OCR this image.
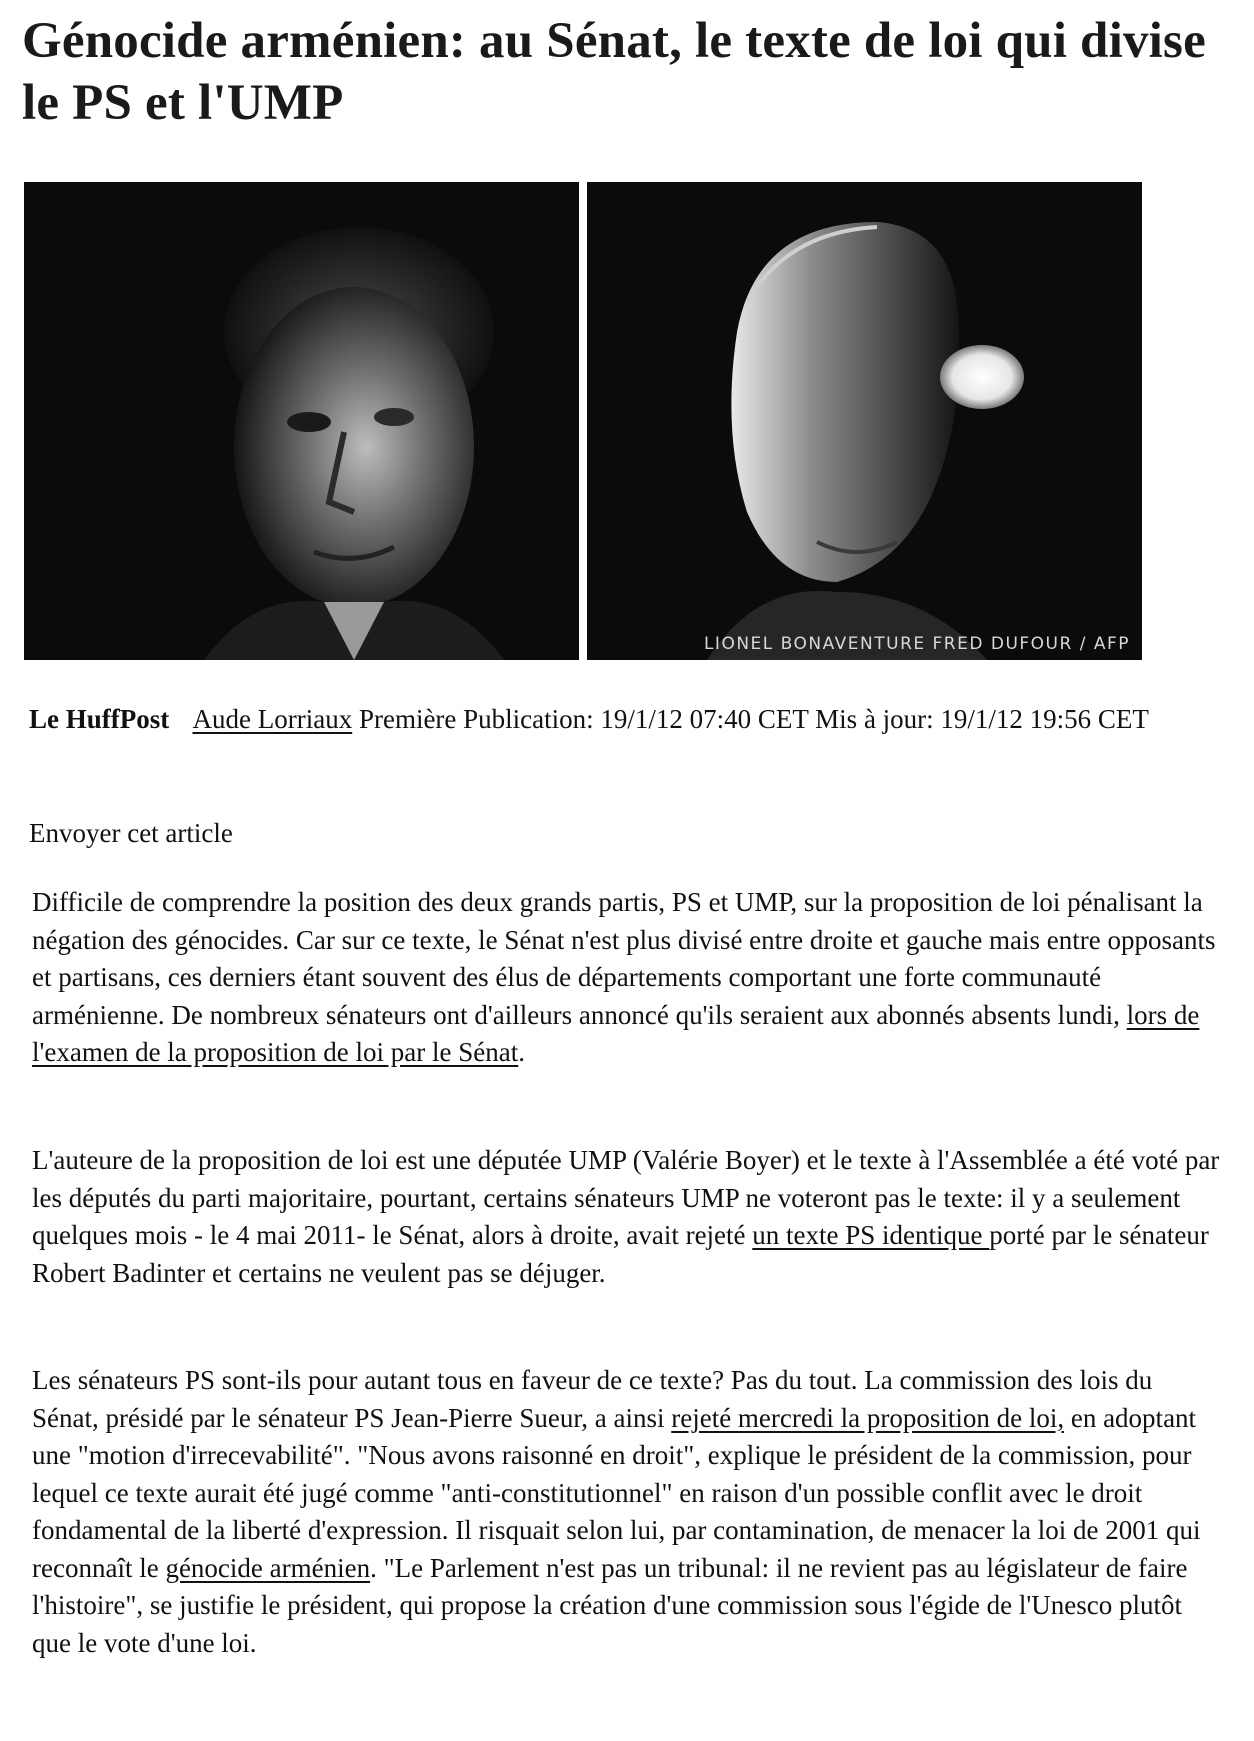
Génocide arménien: au Sénat, le texte de loi qui divise le PS et l'UMP
LIONEL BONAVENTURE FRED DUFOUR / AFP

Le HuffPost Aude Lorriaux Première Publication: 19/1/12 07:40 CET Mis à jour: 19/1/12 19:56 CET

Envoyer cet article

Difficile de comprendre la position des deux grands partis, PS et UMP, sur la proposition de loi pénalisant la négation des génocides. Car sur ce texte, le Sénat n'est plus divisé entre droite et gauche mais entre opposants et partisans, ces derniers étant souvent des élus de départements comportant une forte communauté arménienne. De nombreux sénateurs ont d'ailleurs annoncé qu'ils seraient aux abonnés absents lundi, lors de l'examen de la proposition de loi par le Sénat.

L'auteure de la proposition de loi est une députée UMP (Valérie Boyer) et le texte à l'Assemblée a été voté par les députés du parti majoritaire, pourtant, certains sénateurs UMP ne voteront pas le texte: il y a seulement quelques mois - le 4 mai 2011- le Sénat, alors à droite, avait rejeté un texte PS identique porté par le sénateur Robert Badinter et certains ne veulent pas se déjuger.

Les sénateurs PS sont-ils pour autant tous en faveur de ce texte? Pas du tout. La commission des lois du Sénat, présidé par le sénateur PS Jean-Pierre Sueur, a ainsi rejeté mercredi la proposition de loi, en adoptant une "motion d'irrecevabilité". "Nous avons raisonné en droit", explique le président de la commission, pour lequel ce texte aurait été jugé comme "anti-constitutionnel" en raison d'un possible conflit avec le droit fondamental de la liberté d'expression. Il risquait selon lui, par contamination, de menacer la loi de 2001 qui reconnaît le génocide arménien. "Le Parlement n'est pas un tribunal: il ne revient pas au législateur de faire l'histoire", se justifie le président, qui propose la création d'une commission sous l'égide de l'Unesco plutôt que le vote d'une loi.
